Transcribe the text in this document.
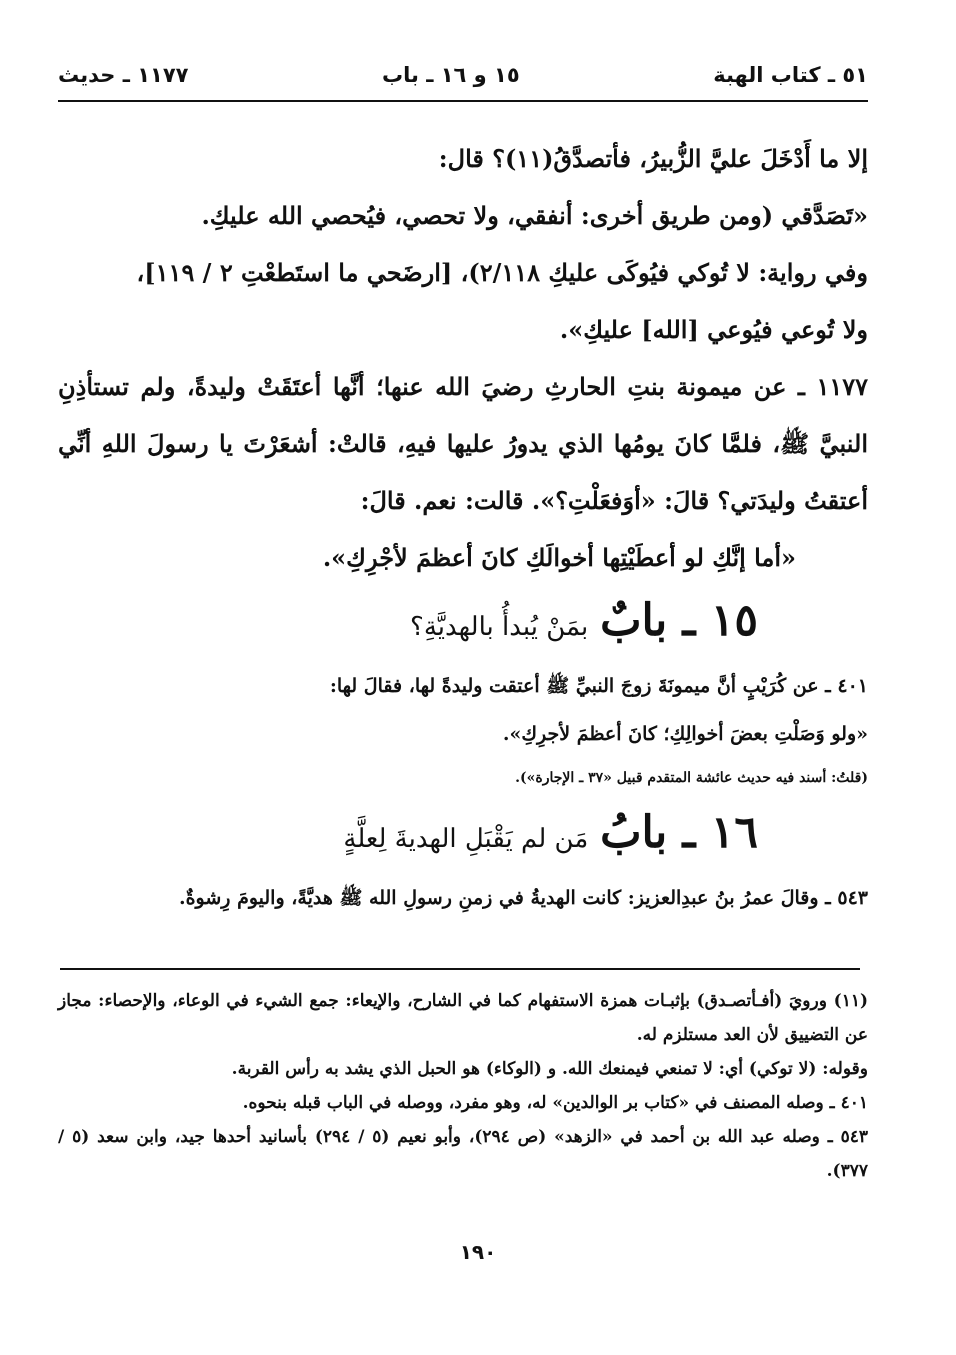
٥١ ـ كتاب الهبة
١٥ و ١٦ ـ باب
١١٧٧ ـ حديث

إلا ما أَدْخَلَ عليَّ الزُّبيرُ، فأتصدَّقُ(١١)؟ قال:

«تَصَدَّقي (ومن طريق أخرى: أنفقي، ولا تحصي، فيُحصي الله عليكِ.

وفي رواية: لا تُوكي فيُوكَى عليكِ ٢/١١٨)، [ارضَحي ما استَطعْتِ ٢ / ١١٩]،

ولا تُوعي فيُوعي [الله] عليكِ».

١١٧٧ ـ عن ميمونة بنتِ الحارثِ رضيَ الله عنها؛ أنَّها أعتَقَتْ وليدةً، ولم تستأذِنِ النبيَّ ﷺ، فلمَّا كانَ يومُها الذي يدورُ عليها فيهِ، قالتْ: أشعَرْتَ يا رسولَ اللهِ أنِّي أعتقتُ وليدَتي؟ قالَ: «أوَفعَلْتِ؟». قالت: نعم. قالَ:

«أما إنَّكِ لو أعطَيْتِها أخوالَكِ كانَ أعظمَ لأجْرِكِ».

١٥ ـ بابٌ بمَنْ يُبدأُ بالهديَّةِ؟

٤٠١ ـ عن كُرَيْبٍ أنَّ ميمونَةَ زوجَ النبيِّ ﷺ أعتقت وليدةً لها، فقالَ لها:

«ولو وَصَلْتِ بعضَ أخوالِكِ؛ كانَ أعظمَ لأجرِكِ».

(قلتُ: أسند فيه حديث عائشة المتقدم قبيل «٣٧ ـ الإجارة»).

١٦ ـ بابُ مَن لم يَقْبَلِ الهديةَ لِعلَّةٍ

٥٤٣ ـ وقالَ عمرُ بنُ عبدِالعزيز: كانت الهديةُ في زمنِ رسولِ الله ﷺ هديَّةً، واليومَ رِشوةٌ.

(١١) ورويَ (أفـأتصـدق) بإثبـات همزة الاستفهام كما في الشارح، والإيعاء: جمع الشيء في الوعاء، والإحصاء: مجاز عن التضييق لأن العد مستلزم له.

وقوله: (لا توكي) أي: لا تمنعي فيمنعك الله. و (الوكاء) هو الحبل الذي يشد به رأس القربة.

٤٠١ ـ وصله المصنف في «كتاب بر الوالدين» له، وهو مفرد، ووصله في الباب قبله بنحوه.

٥٤٣ ـ وصله عبد الله بن أحمد في «الزهد» (ص ٢٩٤)، وأبو نعيم (٥ / ٢٩٤) بأسانيد أحدها جيد، وابن سعد (٥ / ٣٧٧).

١٩٠
